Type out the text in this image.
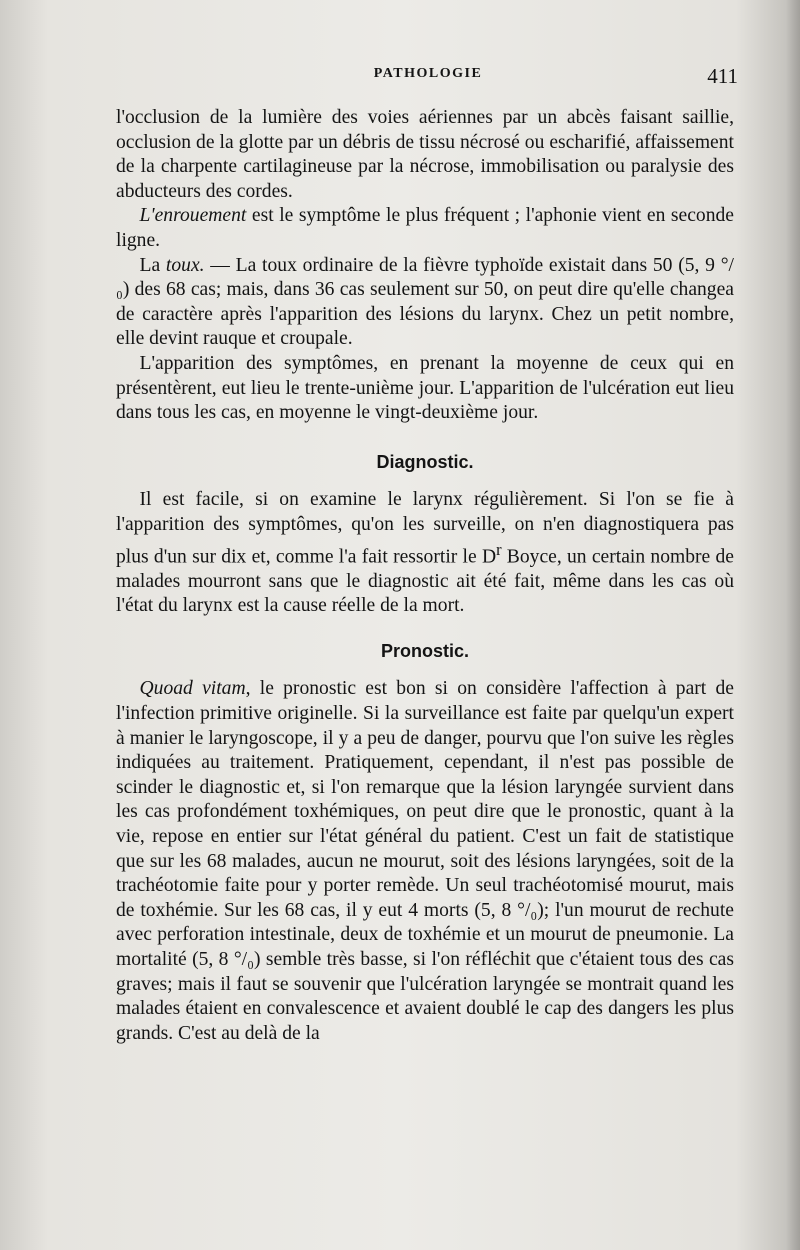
PATHOLOGIE	411

l'occlusion de la lumière des voies aériennes par un abcès faisant saillie, occlusion de la glotte par un débris de tissu nécrosé ou escharifié, affaissement de la charpente cartilagineuse par la nécrose, immobilisation ou paralysie des abducteurs des cordes.

L'enrouement est le symptôme le plus fréquent ; l'aphonie vient en seconde ligne.

La toux. — La toux ordinaire de la fièvre typhoïde existait dans 50 (5, 9 °/₀) des 68 cas; mais, dans 36 cas seulement sur 50, on peut dire qu'elle changea de caractère après l'apparition des lésions du larynx. Chez un petit nombre, elle devint rauque et croupale.

L'apparition des symptômes, en prenant la moyenne de ceux qui en présentèrent, eut lieu le trente-unième jour. L'apparition de l'ulcération eut lieu dans tous les cas, en moyenne le vingt-deuxième jour.

Diagnostic.

Il est facile, si on examine le larynx régulièrement. Si l'on se fie à l'apparition des symptômes, qu'on les surveille, on n'en diagnostiquera pas plus d'un sur dix et, comme l'a fait ressortir le $D^r$ Boyce, un certain nombre de malades mourront sans que le diagnostic ait été fait, même dans les cas où l'état du larynx est la cause réelle de la mort.

Pronostic.

Quoad vitam, le pronostic est bon si on considère l'affection à part de l'infection primitive originelle. Si la surveillance est faite par quelqu'un expert à manier le laryngoscope, il y a peu de danger, pourvu que l'on suive les règles indiquées au traitement. Pratiquement, cependant, il n'est pas possible de scinder le diagnostic et, si l'on remarque que la lésion laryngée survient dans les cas profondément toxhémiques, on peut dire que le pronostic, quant à la vie, repose en entier sur l'état général du patient. C'est un fait de statistique que sur les 68 malades, aucun ne mourut, soit des lésions laryngées, soit de la trachéotomie faite pour y porter remède. Un seul trachéotomisé mourut, mais de toxhémie. Sur les 68 cas, il y eut 4 morts (5, 8 °/₀); l'un mourut de rechute avec perforation intestinale, deux de toxhémie et un mourut de pneumonie. La mortalité (5, 8 °/₀) semble très basse, si l'on réfléchit que c'étaient tous des cas graves; mais il faut se souvenir que l'ulcération laryngée se montrait quand les malades étaient en convalescence et avaient doublé le cap des dangers les plus grands. C'est au delà de la
